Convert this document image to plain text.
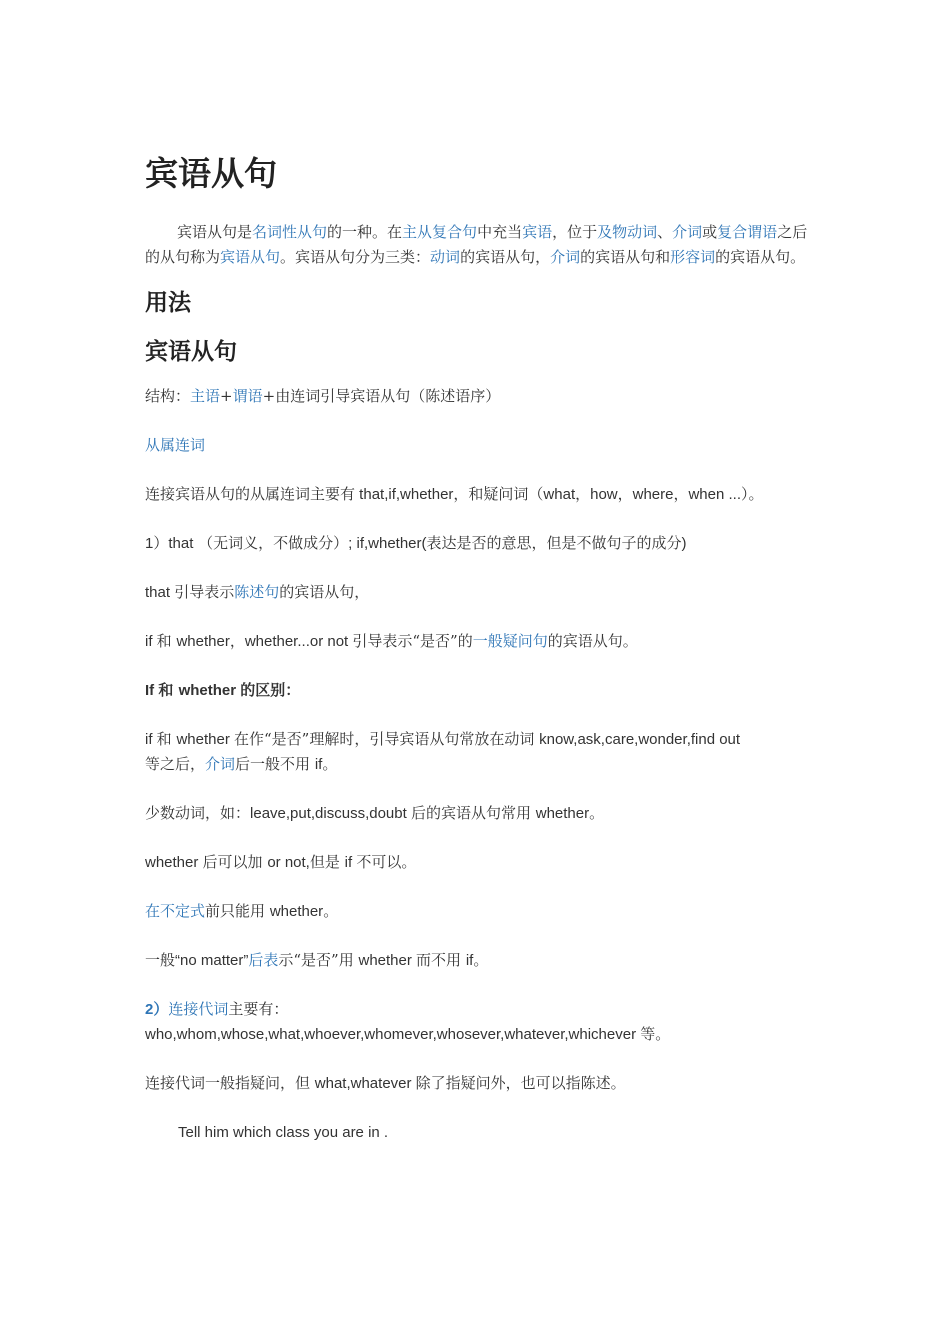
宾语从句

宾语从句是名词性从句的一种。在主从复合句中充当宾语，位于及物动词、介词或复合谓语之后的从句称为宾语从句。宾语从句分为三类：动词的宾语从句，介词的宾语从句和形容词的宾语从句。

用法
宾语从句

结构：主语+谓语+由连词引导宾语从句（陈述语序）

从属连词

连接宾语从句的从属连词主要有 that,if,whether，和疑问词（what，how，where，when ...）。

1）that （无词义，不做成分）; if,whether(表达是否的意思，但是不做句子的成分)

that 引导表示陈述句的宾语从句，

if 和 whether，whether...or not 引导表示“是否”的一般疑问句的宾语从句。

If 和 whether 的区别：

if 和 whether 在作“是否”理解时，引导宾语从句常放在动词 know,ask,care,wonder,find out
等之后，介词后一般不用 if。

少数动词，如：leave,put,discuss,doubt 后的宾语从句常用 whether。

whether 后可以加 or not,但是 if 不可以。

在不定式前只能用 whether。

一般“no matter”后表示“是否”用 whether 而不用 if。

2）连接代词主要有：
who,whom,whose,what,whoever,whomever,whosever,whatever,whichever 等。

连接代词一般指疑问，但 what,whatever 除了指疑问外，也可以指陈述。

Tell him which class you are in .
